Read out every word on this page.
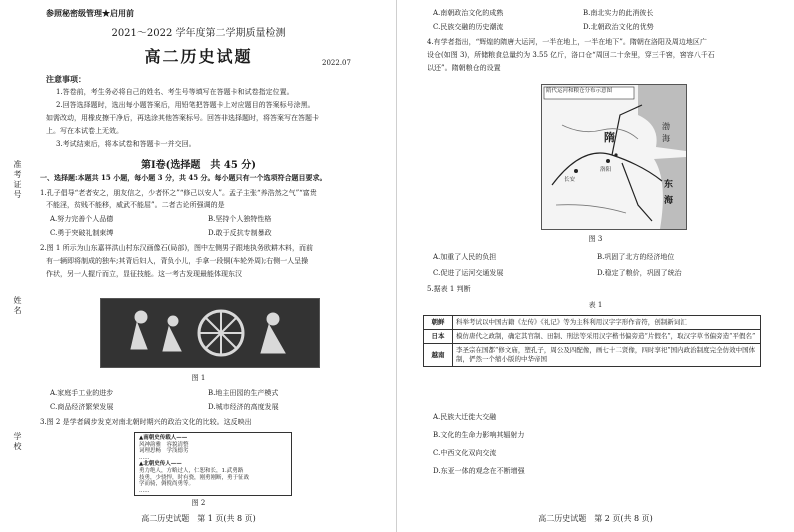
参照秘密级管理★启用前
2021～2022 学年度第二学期质量检测
高二历史试题	2022.07
注意事项：
1.答卷前，考生务必将自己的姓名、考生号等填写在答题卡和试卷指定位置。
2.回答选择题时，选出每小题答案后，用铅笔把答题卡上对应题目的答案标号涂黑。
如需改动，用橡皮擦干净后，再选涂其他答案标号。回答非选择题时，将答案写在答题卡
上。写在本试卷上无效。
3.考试结束后，将本试卷和答题卡一并交回。
第Ⅰ卷(选择题　共 45 分)
一、选择题:本题共 15 小题，每小题 3 分，共 45 分。每小题只有一个选项符合题目要求。
1.孔子倡导“老者安之，朋友信之，少者怀之”“修己以安人”。孟子主张“养浩然之气”“富贵
不能淫，贫贱不能移，威武不能屈”。二者古论所强调的是
A.努力完善个人品德	B.坚持个人独特性格
C.勇于突破礼制束缚	D.敢于反抗专制暴政
2.图 1 所示为山东嘉祥洪山村东汉画像石(局部)，图中左侧男子跟地执务欧耕木料，而前
有一辆即将制成的独车;其背后妇人，背负小儿，手拿一段铜(车轮外周);右侧一人呈操
作状，另一人握斤而立，显征技能。这一考古发现最能体现东汉
图 1
A.家庭手工业的进步	B.地主田园的生产模式
C.商品经济繁荣发展	D.城市经济的高度发展
3.图 2 是学者阔步发克对南北朝时期兴的政治文化的比较。这反映出
▲南朝史传载人——
风神韵雅　容貌清整
词理思畅　学浅德劣
......
▲北朝史传人——
勇力绝人，方略过人，仁恕和长，1.武勇路
技勇，少骁悍，时有骁，刚勇刚断，勇于征战
学而骑，倜傥尚勇等。
......
图 2
准考证号
姓名
学校
高二历史试题　第 1 页(共 8 页)
A.南朝政治文化的成熟	B.南北实力的此消彼长
C.民族交融的历史潮流	D.北朝政治文化的优势
4.有学者指出，“辉煌的隋唐大运河，一半在地上，一半在地下”。隋朝在洛阳及周边地区广
设仓(如图 3)，所储粮食总量约为 3.55 亿斤，洛口仓“周回二十余里，穿三千窖，窖容八千石
以还”。隋朝粮仓的设置
隋代运河和粮仓分布示意图
隋
渤
海
东
海
洛阳
长安
图 3
A.加重了人民的负担	B.巩固了北方的经济地位
C.促进了运河交通发展	D.稳定了粮价，巩固了统治
5.据表 1 判断
表 1
朝鲜	科举考试以中国古籍《左传》《礼记》等为主科利用汉字字形作音符，创制新词汇
日本	模仿唐代之政制，确定其官制、田制、刑法等采用汉字楷书偏旁造“片假名”，取汉字草书偏旁造“平假名”
越南	李圣宗在国都“修文庙，塑孔子，周公及四配像，画七十二贤像，四时享祀”国内政治制度完全仿效中国体制，俨然一个缩小版的中华帝国
A.民族大迁徙大交融
B.文化的生命力影响其辐射力
C.中西文化双向交流
D.东亚一体的观念在不断增强
高二历史试题　第 2 页(共 8 页)
